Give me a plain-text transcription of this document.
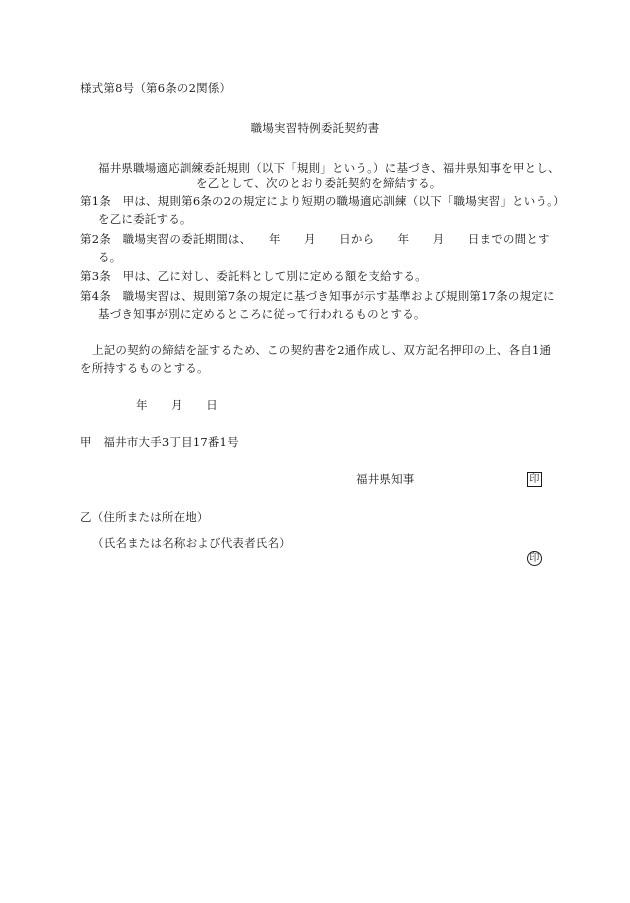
様式第8号（第6条の2関係）
職場実習特例委託契約書
福井県職場適応訓練委託規則（以下「規則」という。）に基づき、福井県知事を甲とし、
を乙として、次のとおり委託契約を締結する。
第1条　甲は、規則第6条の2の規定により短期の職場適応訓練（以下「職場実習」という。）
を乙に委託する。
第2条　職場実習の委託期間は、　　年　　月　　日から　　年　　月　　日までの間とす
る。
第3条　甲は、乙に対し、委託料として別に定める額を支給する。
第4条　職場実習は、規則第7条の規定に基づき知事が示す基準および規則第17条の規定に
基づき知事が別に定めるところに従って行われるものとする。
上記の契約の締結を証するため、この契約書を2通作成し、双方記名押印の上、各自1通
を所持するものとする。
年　　月　　日
甲　福井市大手3丁目17番1号
福井県知事	印
乙（住所または所在地）
（氏名または名称および代表者氏名）
印
